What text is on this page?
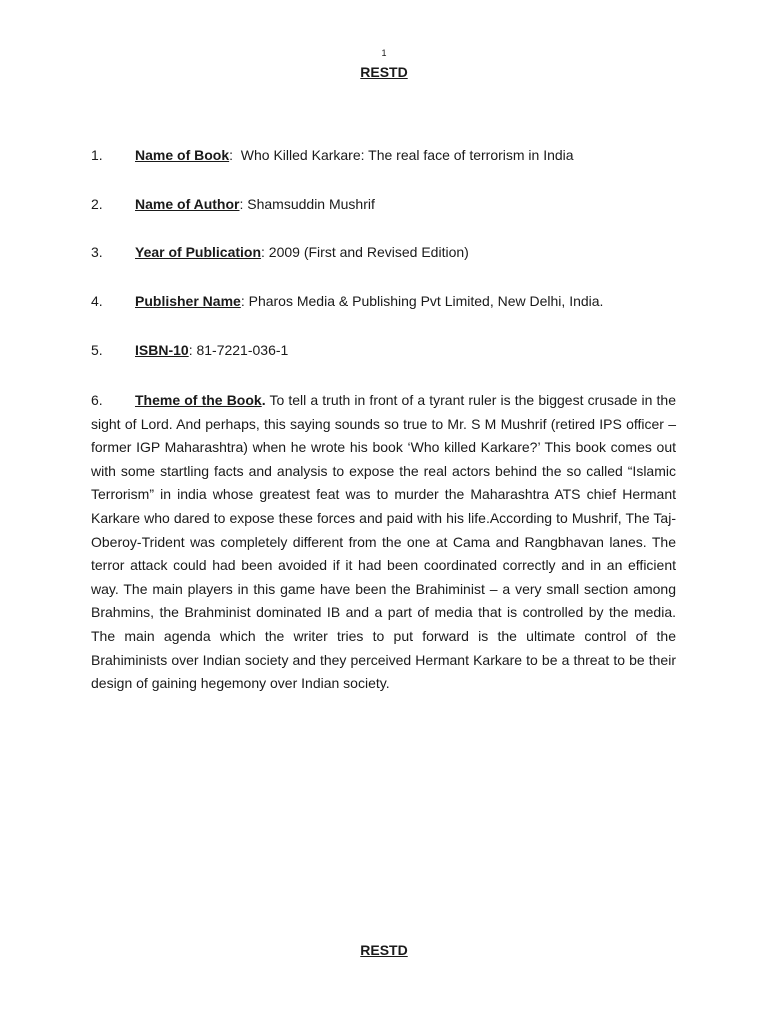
1
RESTD
1. Name of Book:  Who Killed Karkare: The real face of terrorism in India
2. Name of Author: Shamsuddin Mushrif
3. Year of Publication: 2009 (First and Revised Edition)
4. Publisher Name: Pharos Media & Publishing Pvt Limited, New Delhi, India.
5. ISBN-10: 81-7221-036-1
6. Theme of the Book. To tell a truth in front of a tyrant ruler is the biggest crusade in the sight of Lord. And perhaps, this saying sounds so true to Mr. S M Mushrif (retired IPS officer – former IGP Maharashtra) when he wrote his book ‘Who killed Karkare?’ This book comes out with some startling facts and analysis to expose the real actors behind the so called “Islamic Terrorism” in india whose greatest feat was to murder the Maharashtra ATS chief Hermant Karkare who dared to expose these forces and paid with his life.According to Mushrif, The Taj-Oberoy-Trident was completely different from the one at Cama and Rangbhavan lanes. The terror attack could had been avoided if it had been coordinated correctly and in an efficient way. The main players in this game have been the Brahiminist – a very small section among Brahmins, the Brahminist dominated IB and a part of media that is controlled by the media. The main agenda which the writer tries to put forward is the ultimate control of the Brahiminists over Indian society and they perceived Hermant Karkare to be a threat to be their design of gaining hegemony over Indian society.
RESTD
